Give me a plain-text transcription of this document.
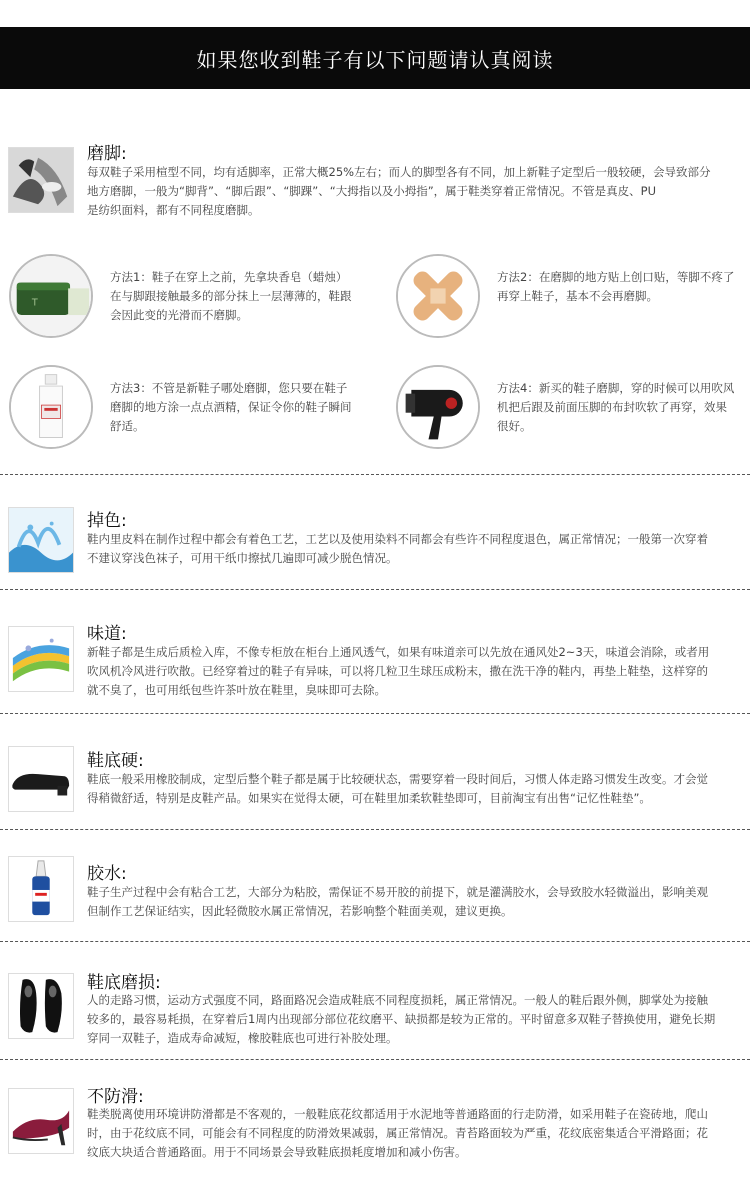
如果您收到鞋子有以下问题请认真阅读
磨脚:
每双鞋子采用楦型不同，均有适脚率，正常大概25%左右；而人的脚型各有不同，加上新鞋子定型后一般较硬，会导致部分
地方磨脚，一般为“脚背”、“脚后跟”、“脚踝”、“大拇指以及小拇指”，属于鞋类穿着正常情况。不管是真皮、PU
是纺织面料，都有不同程度磨脚。
T
方法1：鞋子在穿上之前，先拿块香皂（蜡烛）
在与脚跟接触最多的部分抹上一层薄薄的，鞋跟
会因此变的光滑而不磨脚。
方法2：在磨脚的地方贴上创口贴，等脚不疼了
再穿上鞋子，基本不会再磨脚。
方法3：不管是新鞋子哪处磨脚，您只要在鞋子
磨脚的地方涂一点点酒精，保证令你的鞋子瞬间
舒适。
方法4：新买的鞋子磨脚，穿的时候可以用吹风
机把后跟及前面压脚的布封吹软了再穿，效果
很好。
掉色:
鞋内里皮料在制作过程中都会有着色工艺，工艺以及使用染料不同都会有些许不同程度退色，属正常情况；一般第一次穿着
不建议穿浅色袜子，可用干纸巾擦拭几遍即可减少脱色情况。
味道:
新鞋子都是生成后质检入库，不像专柜放在柜台上通风透气，如果有味道亲可以先放在通风处2~3天，味道会消除，或者用
吹风机冷风进行吹散。已经穿着过的鞋子有异味，可以将几粒卫生球压成粉末，撒在洗干净的鞋内，再垫上鞋垫，这样穿的
就不臭了，也可用纸包些许茶叶放在鞋里，臭味即可去除。
鞋底硬:
鞋底一般采用橡胶制成，定型后整个鞋子都是属于比较硬状态，需要穿着一段时间后，习惯人体走路习惯发生改变。才会觉
得稍微舒适，特别是皮鞋产品。如果实在觉得太硬，可在鞋里加柔软鞋垫即可，目前淘宝有出售“记忆性鞋垫”。
胶水:
鞋子生产过程中会有粘合工艺，大部分为粘胶，需保证不易开胶的前提下，就是灌满胶水，会导致胶水轻微溢出，影响美观
但制作工艺保证结实，因此轻微胶水属正常情况，若影响整个鞋面美观，建议更换。
鞋底磨损:
人的走路习惯，运动方式强度不同，路面路况会造成鞋底不同程度损耗，属正常情况。一般人的鞋后跟外侧，脚掌处为接触
较多的，最容易耗损，在穿着后1周内出现部分部位花纹磨平、缺损都是较为正常的。平时留意多双鞋子替换使用，避免长期
穿同一双鞋子，造成寿命减短，橡胶鞋底也可进行补胶处理。
不防滑:
鞋类脱离使用环境讲防滑都是不客观的，一般鞋底花纹都适用于水泥地等普通路面的行走防滑，如采用鞋子在瓷砖地，爬山
时，由于花纹底不同，可能会有不同程度的防滑效果减弱，属正常情况。青苔路面较为严重，花纹底密集适合平滑路面；花
纹底大块适合普通路面。用于不同场景会导致鞋底损耗度增加和减小伤害。
